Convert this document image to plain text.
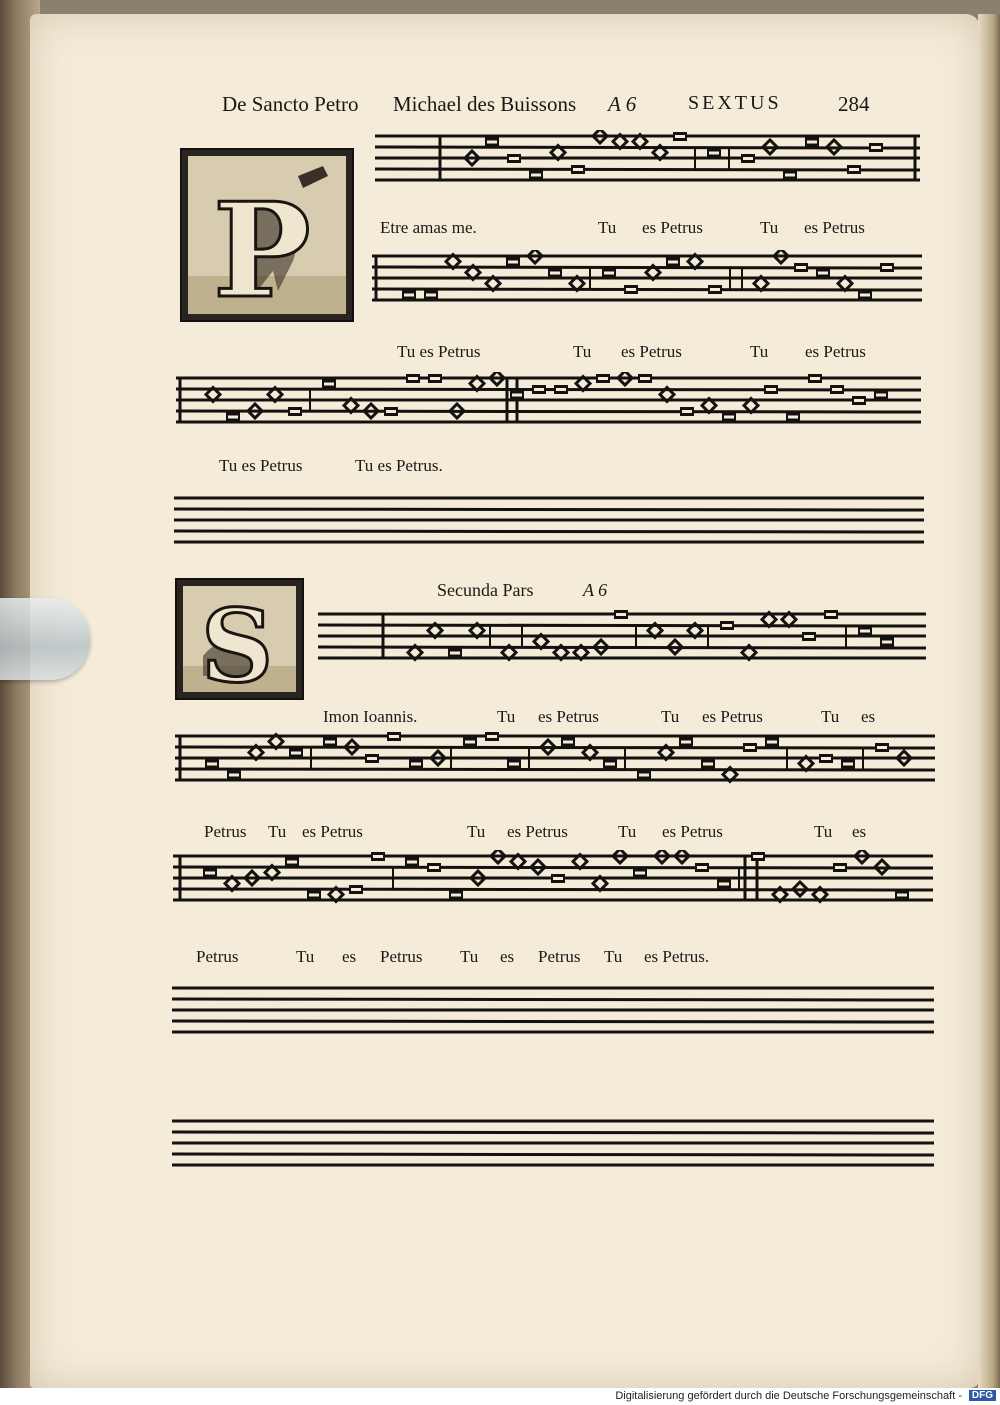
De Sancto Petro Michael des Buissons A 6	SEXTUS	284
P
S
Etre amas me.	Tu es Petrus	Tu es Petrus
Tu es Petrus	Tu es Petrus	Tu es Petrus
Tu es Petrus	Tu es Petrus.
Secunda Pars	A 6
Imon Ioannis.	Tu es Petrus	Tu es Petrus	Tu es
Petrus Tu es Petrus	Tu es Petrus	Tu es Petrus	Tu es
Petrus	Tu es Petrus Tu es Petrus Tu es Petrus.
Digitalisierung gefördert durch die Deutsche Forschungsgemeinschaft - DFG
